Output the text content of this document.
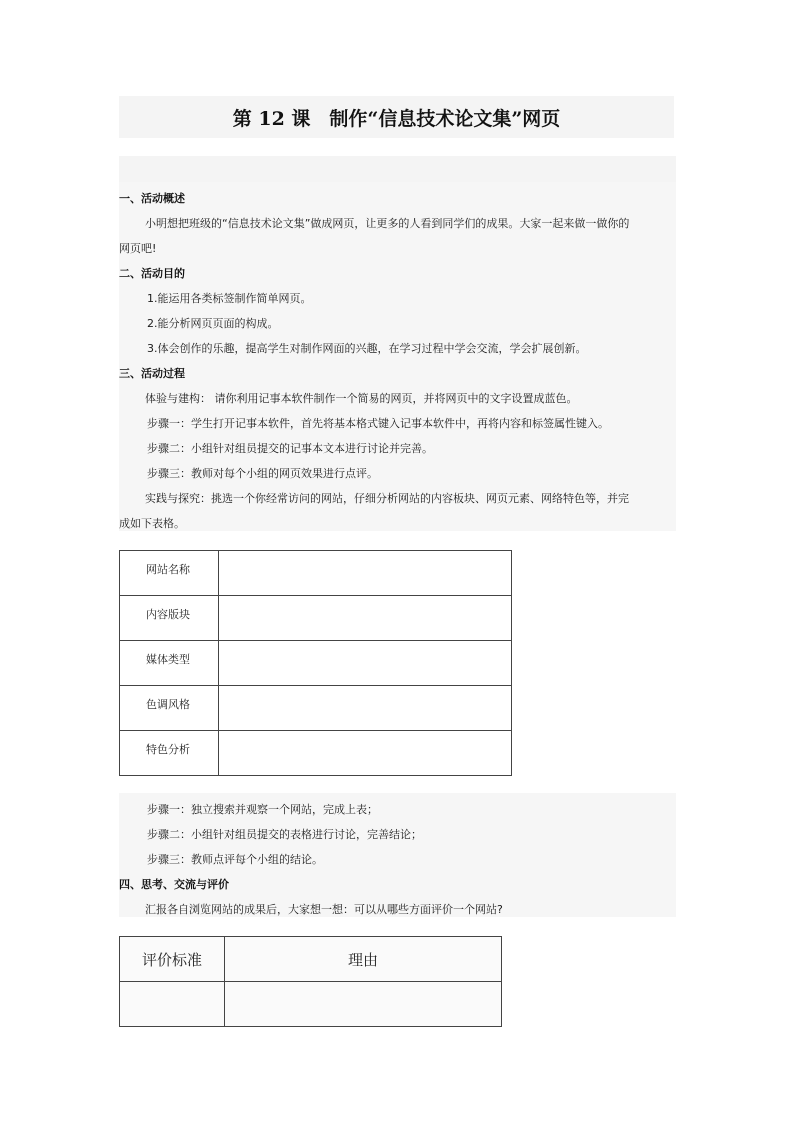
第 12 课　制作“信息技术论文集”网页
一、活动概述
小明想把班级的“信息技术论文集”做成网页，让更多的人看到同学们的成果。大家一起来做一做你的
网页吧!
二、活动目的
1.能运用各类标签制作简单网页。
2.能分析网页页面的构成。
3.体会创作的乐趣，提高学生对制作网面的兴趣，在学习过程中学会交流，学会扩展创新。
三、活动过程
体验与建构： 请你利用记事本软件制作一个简易的网页，并将网页中的文字设置成蓝色。
步骤一：学生打开记事本软件，首先将基本格式键入记事本软件中，再将内容和标签属性键入。
步骤二：小组针对组员提交的记事本文本进行讨论并完善。
步骤三：教师对每个小组的网页效果进行点评。
实践与探究：挑选一个你经常访问的网站，仔细分析网站的内容板块、网页元素、网络特色等，并完
成如下表格。
网站名称	
内容版块	
媒体类型	
色调风格	
特色分析	
步骤一：独立搜索并观察一个网站，完成上表；
步骤二：小组针对组员提交的表格进行讨论，完善结论；
步骤三：教师点评每个小组的结论。
四、思考、交流与评价
汇报各自浏览网站的成果后，大家想一想：可以从哪些方面评价一个网站?
评价标准	理由
